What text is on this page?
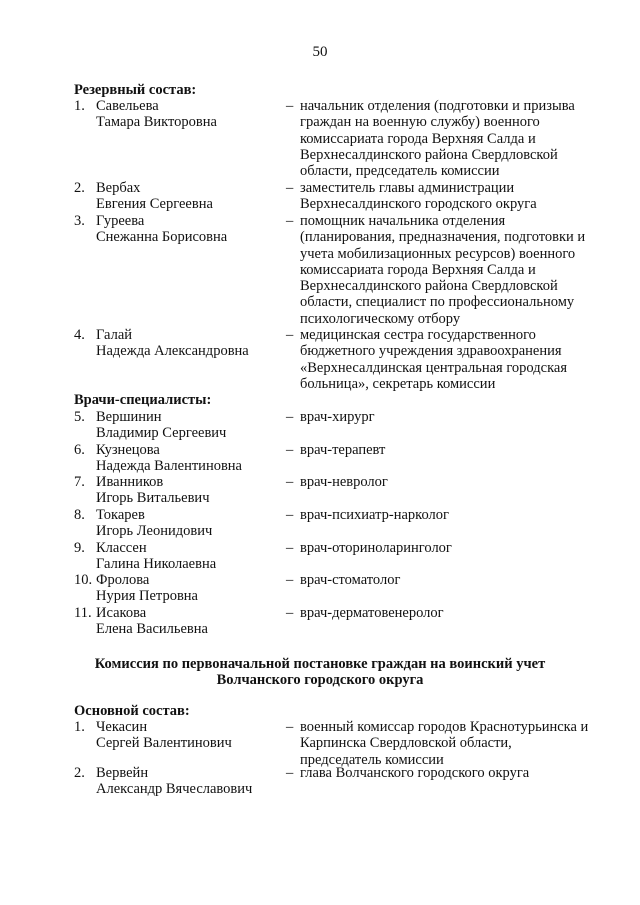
50
Резервный состав:
1. Савельева
Тамара Викторовна
– начальник отделения (подготовки и призыва
граждан на военную службу) военного
комиссариата города Верхняя Салда и
Верхнесалдинского района Свердловской
области, председатель комиссии
2. Вербах
Евгения Сергеевна
– заместитель главы администрации
Верхнесалдинского городского округа
3. Гуреева
Снежанна Борисовна
– помощник начальника отделения
(планирования, предназначения, подготовки и
учета мобилизационных ресурсов) военного
комиссариата города Верхняя Салда и
Верхнесалдинского района Свердловской
области, специалист по профессиональному
психологическому отбору
4. Галай
Надежда Александровна
– медицинская сестра государственного
бюджетного учреждения здравоохранения
«Верхнесалдинская центральная городская
больница», секретарь комиссии
Врачи-специалисты:
5. Вершинин
Владимир Сергеевич
– врач-хирург
6. Кузнецова
Надежда Валентиновна
– врач-терапевт
7. Иванников
Игорь Витальевич
– врач-невролог
8. Токарев
Игорь Леонидович
– врач-психиатр-нарколог
9. Классен
Галина Николаевна
– врач-оториноларинголог
10. Фролова
Нурия Петровна
– врач-стоматолог
11. Исакова
Елена Васильевна
– врач-дерматовенеролог
Комиссия по первоначальной постановке граждан на воинский учет
Волчанского городского округа
Основной состав:
1. Чекасин
Сергей Валентинович
– военный комиссар городов Краснотурьинска и
Карпинска Свердловской области,
председатель комиссии
2. Вервейн
Александр Вячеславович
– глава Волчанского городского округа
